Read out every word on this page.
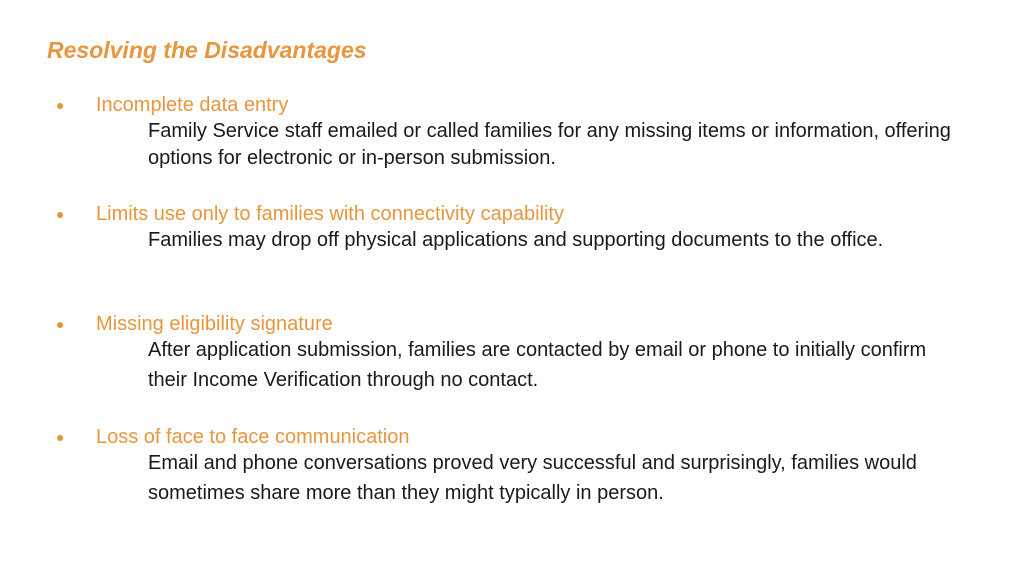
Resolving the Disadvantages
● Incomplete data entry
Family Service staff emailed or called families for any missing items or information, offering options for electronic or in-person submission.
● Limits use only to families with connectivity capability
Families may drop off physical applications and supporting documents to the office.
● Missing eligibility signature
After application submission, families are contacted by email or phone to initially confirm their Income Verification through no contact.
● Loss of face to face communication
Email and phone conversations proved very successful and surprisingly, families would sometimes share more than they might typically in person.
